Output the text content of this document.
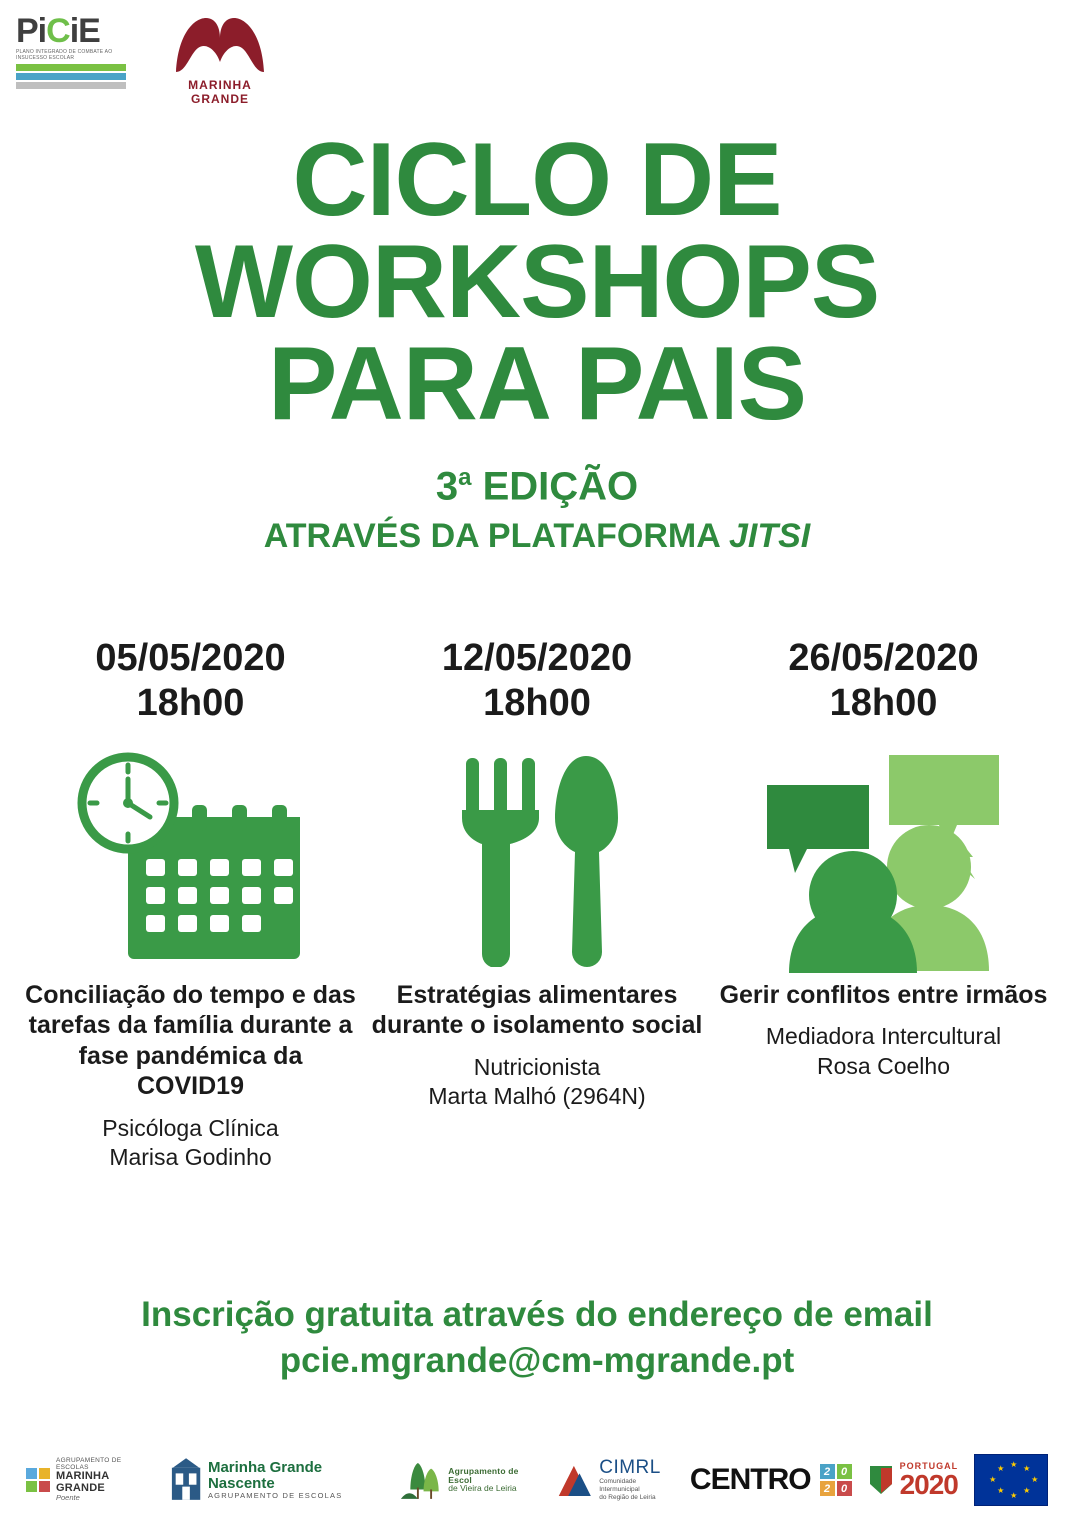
PiCiE
PLANO INTEGRADO DE COMBATE AO INSUCESSO ESCOLAR
MARINHA GRANDE
CICLO DE
WORKSHOPS
PARA PAIS
3$^a$ EDIÇÃO
ATRAVÉS DA PLATAFORMA JITSI
05/05/2020
18h00
Conciliação do tempo e das tarefas da família durante a fase pandémica da COVID19
Psicóloga Clínica
Marisa Godinho
12/05/2020
18h00
Estratégias alimentares durante o isolamento social
Nutricionista
Marta Malhó (2964N)
26/05/2020
18h00
Gerir conflitos entre irmãos
Mediadora Intercultural
Rosa Coelho
Inscrição gratuita através do endereço de email
pcie.mgrande@cm-mgrande.pt
AGRUPAMENTO DE ESCOLAS
MARINHA GRANDE
Poente
Marinha Grande Nascente
AGRUPAMENTO DE ESCOLAS
Agrupamento de Escol
de Vieira de Leiria
CIMRL
Comunidade Intermunicipal
do Região de Leiria
CENTRO	2 0
2 0
PORTUGAL
2020
★ ★
★
★
★
★
★
★
